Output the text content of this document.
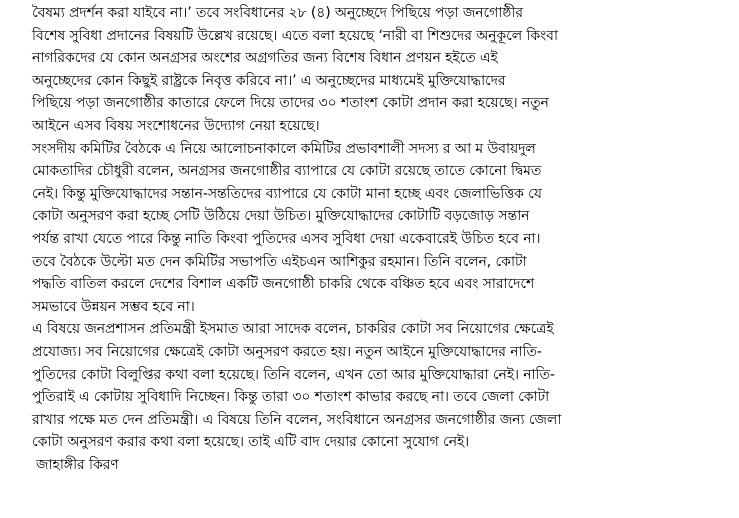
বৈষম্য প্রদর্শন করা যাইবে না।’ তবে সংবিধানের ২৮ (৪) অনুচ্ছেদে পিছিয়ে পড়া জনগোষ্ঠীর
বিশেষ সুবিধা প্রদানের বিষয়টি উল্লেখ রয়েছে। এতে বলা হয়েছে ‘নারী বা শিশুদের অনুকূলে কিংবা
নাগরিকদের যে কোন অনগ্রসর অংশের অগ্রগতির জন্য বিশেষ বিধান প্রণয়ন হইতে এই
অনুচ্ছেদের কোন কিছুই রাষ্ট্রকে নিবৃত্ত করিবে না।’ এ অনুচ্ছেদের মাধ্যমেই মুক্তিযোদ্ধাদের
পিছিয়ে পড়া জনগোষ্ঠীর কাতারে ফেলে দিয়ে তাদের ৩০ শতাংশ কোটা প্রদান করা হয়েছে। নতুন
আইনে এসব বিষয় সংশোধনের উদ্যোগ নেয়া হয়েছে।
সংসদীয় কমিটির বৈঠকে এ নিয়ে আলোচনাকালে কমিটির প্রভাবশালী সদস্য র আ ম উবায়দুল
মোকতাদির চৌধুরী বলেন, অনগ্রসর জনগোষ্ঠীর ব্যাপারে যে কোটা রয়েছে তাতে কোনো দ্বিমত
নেই। কিন্তু মুক্তিযোদ্ধাদের সন্তান-সন্ততিদের ব্যাপারে যে কোটা মানা হচ্ছে এবং জেলাভিত্তিক যে
কোটা অনুসরণ করা হচ্ছে সেটি উঠিয়ে দেয়া উচিত। মুক্তিযোদ্ধাদের কোটাটি বড়জোড় সন্তান
পর্যন্ত রাখা যেতে পারে কিন্তু নাতি কিংবা পুতিদের এসব সুবিধা দেয়া একেবারেই উচিত হবে না।
তবে বৈঠকে উল্টো মত দেন কমিটির সভাপতি এইচএন আশিকুর রহমান। তিনি বলেন, কোটা
পদ্ধতি বাতিল করলে দেশের বিশাল একটি জনগোষ্ঠী চাকরি থেকে বঞ্চিত হবে এবং সারাদেশে
সমভাবে উন্নয়ন সম্ভব হবে না।
এ বিষয়ে জনপ্রশাসন প্রতিমন্ত্রী ইসমাত আরা সাদেক বলেন, চাকরির কোটা সব নিয়োগের ক্ষেত্রেই
প্রযোজ্য। সব নিয়োগের ক্ষেত্রেই কোটা অনুসরণ করতে হয়। নতুন আইনে মুক্তিযোদ্ধাদের নাতি-
পুতিদের কোটা বিলুপ্তির কথা বলা হয়েছে। তিনি বলেন, এখন তো আর মুক্তিযোদ্ধারা নেই। নাতি-
পুতিরাই এ কোটায় সুবিধাদি নিচ্ছেন। কিন্তু তারা ৩০ শতাংশ কাভার করছে না। তবে জেলা কোটা
রাখার পক্ষে মত দেন প্রতিমন্ত্রী। এ বিষয়ে তিনি বলেন, সংবিধানে অনগ্রসর জনগোষ্ঠীর জন্য জেলা
কোটা অনুসরণ করার কথা বলা হয়েছে। তাই এটি বাদ দেয়ার কোনো সুযোগ নেই।
জাহাঙ্গীর কিরণ
